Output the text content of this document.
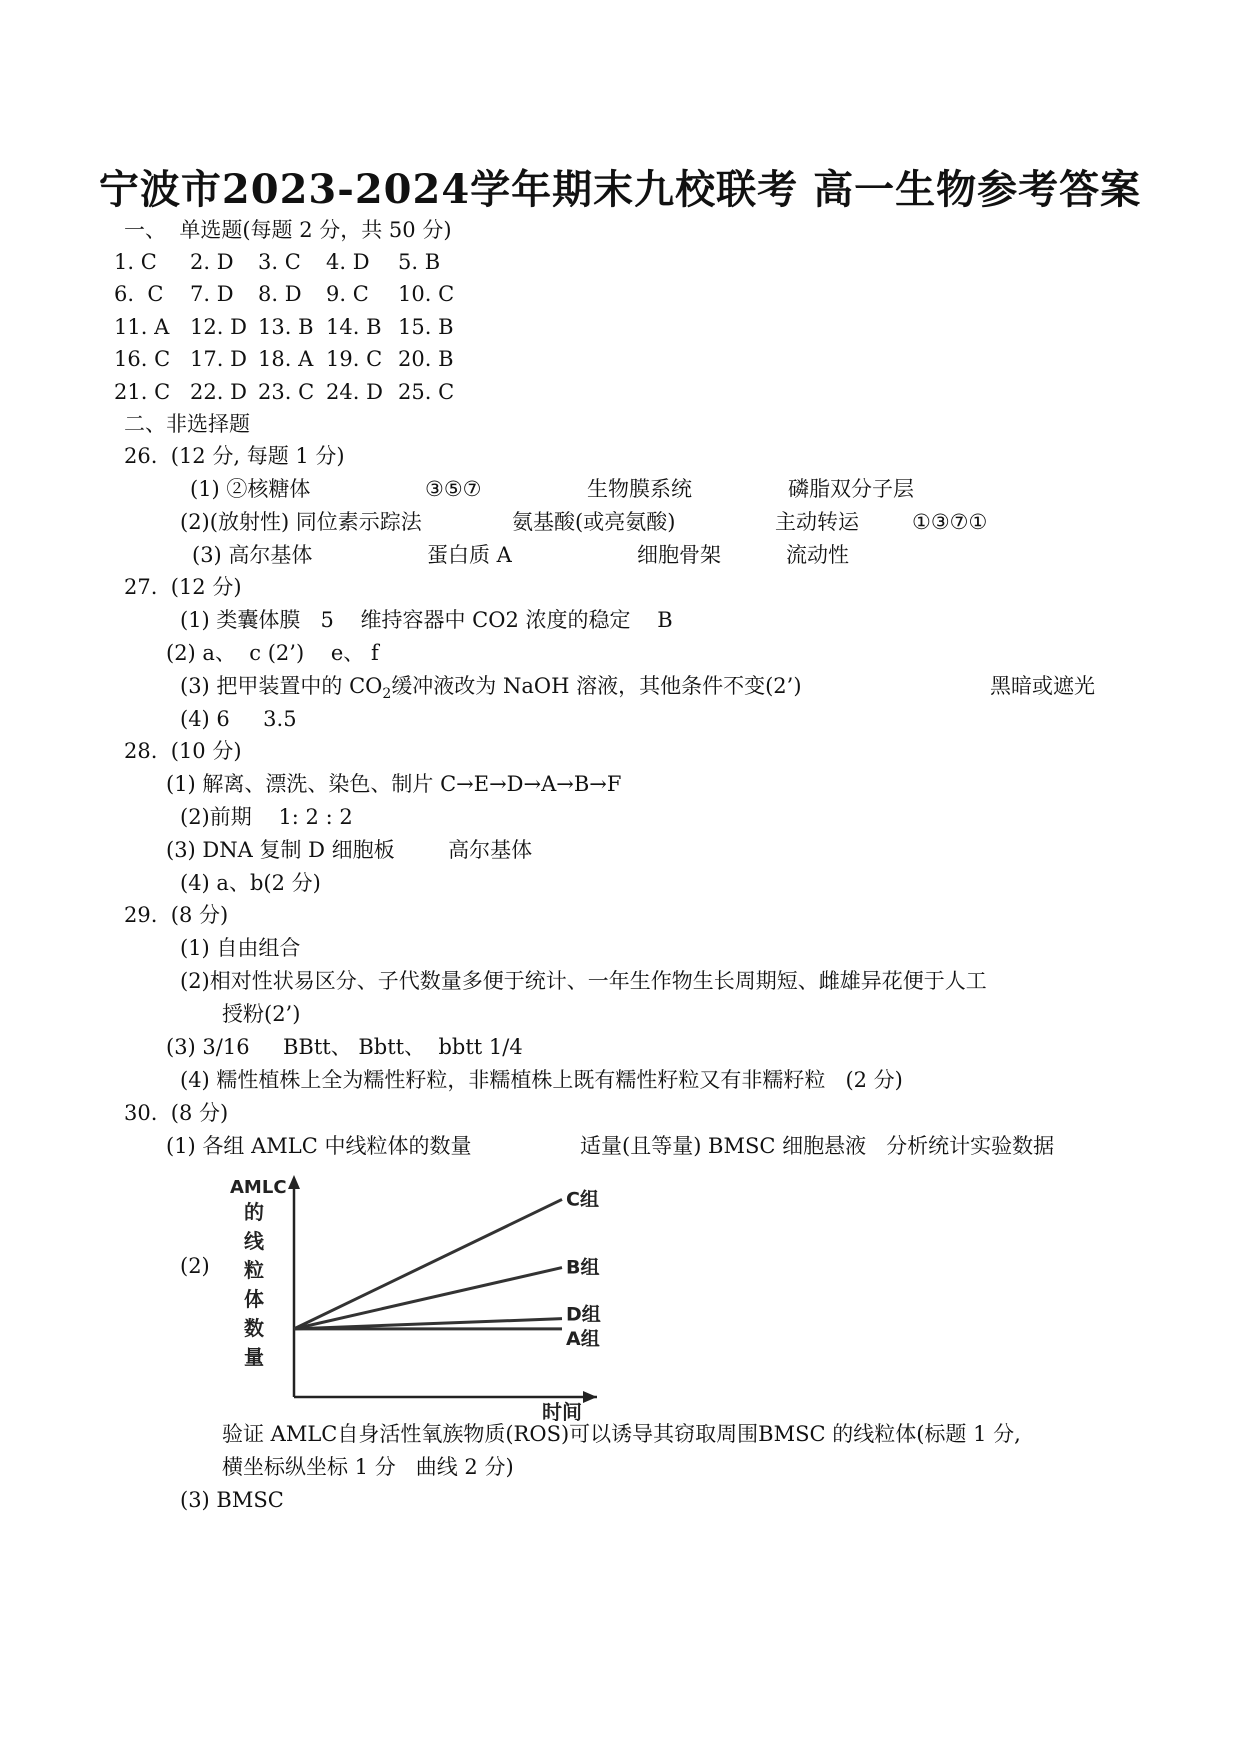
宁波市2023-2024学年期末九校联考 高一生物参考答案
一、  单选题(每题 2 分，共 50 分)
1. C 2. D 3. C 4. D 5. B
6.  C 7. D 8. D 9. C 10. C
11. A 12. D 13. B 14. B 15. B
16. C 17. D 18. A 19. C 20. B
21. C 22. D 23. C 24. D 25. C
二、非选择题
26.  (12 分, 每题 1 分)
(1) ②核糖体	③⑤⑦	生物膜系统	磷脂双分子层
(2)(放射性) 同位素示踪法	氨基酸(或亮氨酸)	主动转运	①③⑦①
(3) 高尔基体	蛋白质 A	细胞骨架	流动性
27.  (12 分)
(1) 类囊体膜   5    维持容器中 CO2 浓度的稳定    B
(2) a、  c (2’)    e、 f
(3) 把甲装置中的 $CO_2$缓冲液改为 NaOH 溶液，其他条件不变(2’)	黑暗或遮光
(4) 6     3.5
28.  (10 分)
(1) 解离、漂洗、染色、制片 C→E→D→A→B→F
(2)前期    1: 2 : 2
(3) DNA 复制 D 细胞板        高尔基体
(4) a、b(2 分)
29.  (8 分)
(1) 自由组合
(2)相对性状易区分、子代数量多便于统计、一年生作物生长周期短、雌雄异花便于人工
授粉(2’)
(3) 3/16     BBtt、 Bbtt、  bbtt 1/4
(4) 糯性植株上全为糯性籽粒，非糯植株上既有糯性籽粒又有非糯籽粒   (2 分)
30.  (8 分)
(1) 各组 AMLC 中线粒体的数量	适量(且等量) BMSC 细胞悬液   分析统计实验数据
(2)
AMLC
的
线
粒
体
数
量
时间
C组
B组
D组
A组
验证 AMLC自身活性氧族物质(ROS)可以诱导其窃取周围BMSC 的线粒体(标题 1 分,
横坐标纵坐标 1 分   曲线 2 分)
(3) BMSC
